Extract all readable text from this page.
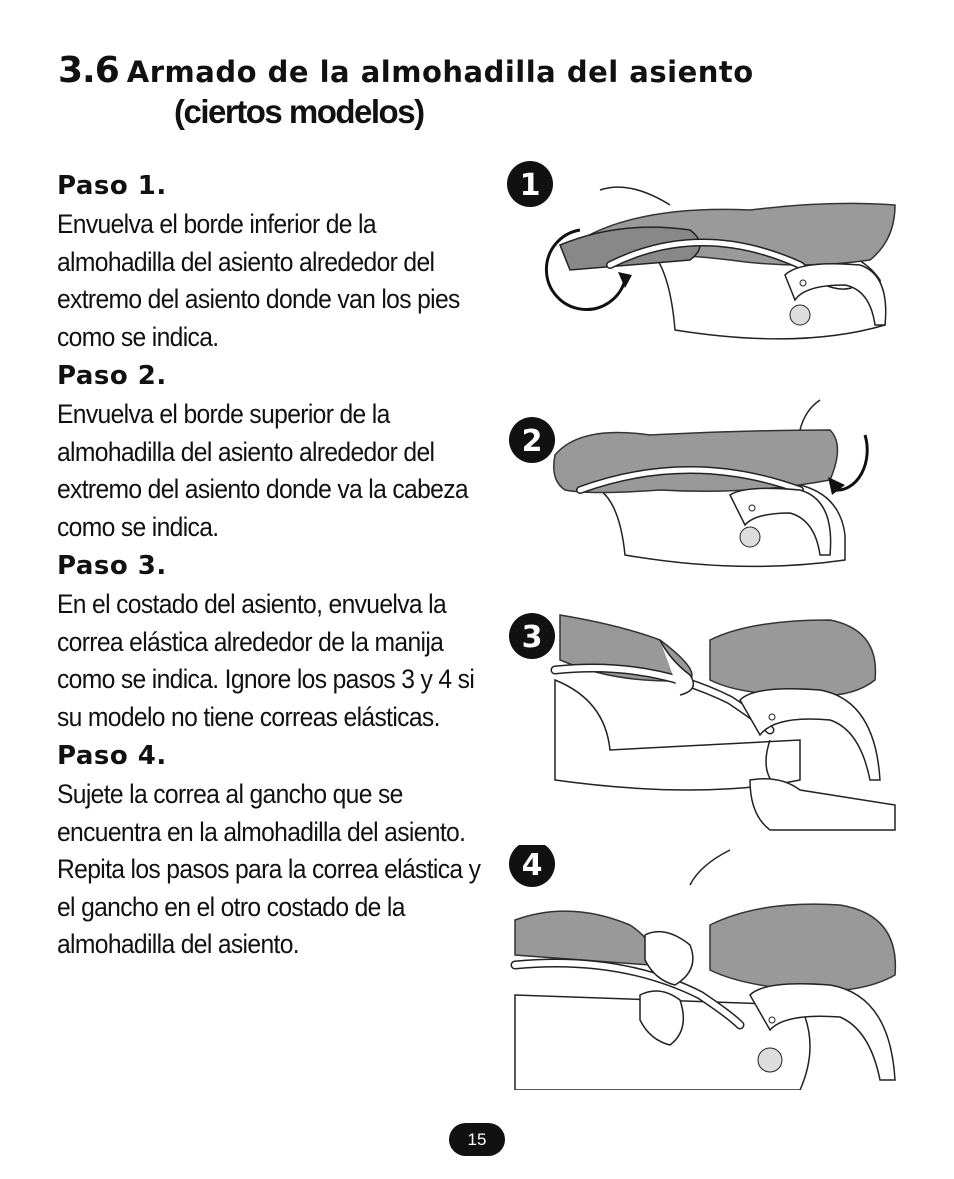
3.6 Armado de la almohadilla del asiento
(ciertos modelos)
Paso 1.

Envuelva el borde inferior de la almohadilla del asiento alrededor del extremo del asiento donde van los pies como se indica.

Paso 2.

Envuelva el borde superior de la almohadilla del asiento alrededor del extremo del asiento donde va la cabeza como se indica.

Paso 3.

En el costado del asiento, envuelva la correa elástica alrededor de la manija como se indica. Ignore los pasos 3 y 4 si su modelo no tiene correas elásticas.

Paso 4.

Sujete la correa al gancho que se encuentra en la almohadilla del asiento. Repita los pasos para la correa elástica y el gancho en el otro costado de la almohadilla del asiento.

1
2
3
4
15
